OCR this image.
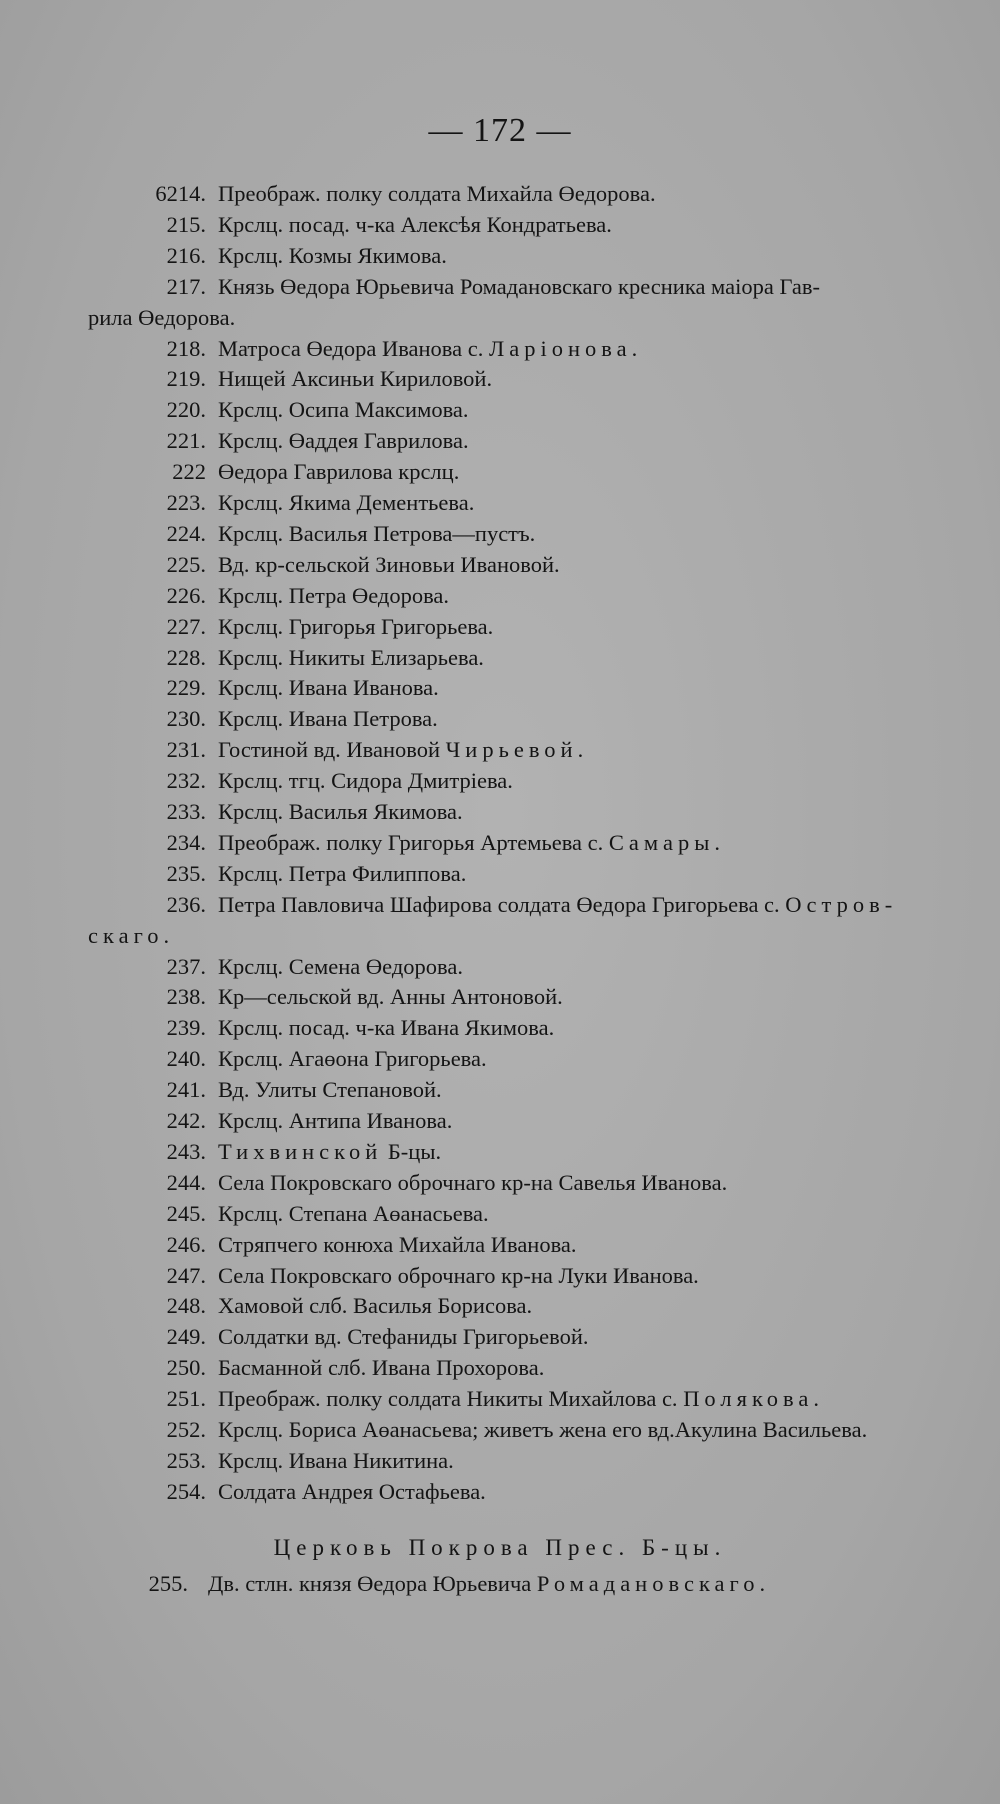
— 172 —
6214. Преображ. полку солдата Михайла Өедорова.
215. Крслц. посад. ч-ка Алексѣя Кондратьева.
216. Крслц. Козмы Якимова.
217. Князь Өедора Юрьевича Ромадановскаго кресника маіора Гав-
рила Өедорова.
218. Матроса Өедора Иванова с. Ларіонова.
219. Нищей Аксиньи Кириловой.
220. Крслц. Осипа Максимова.
221. Крслц. Өаддея Гаврилова.
222 Өедора Гаврилова крслц.
223. Крслц. Якима Дементьева.
224. Крслц. Василья Петрова—пустъ.
225. Вд. кр-сельской Зиновьи Ивановой.
226. Крслц. Петра Өедорова.
227. Крслц. Григорья Григорьева.
228. Крслц. Никиты Елизарьева.
229. Крслц. Ивана Иванова.
230. Крслц. Ивана Петрова.
231. Гостиной вд. Ивановой Чирьевой.
232. Крслц. тгц. Сидора Дмитріева.
233. Крслц. Василья Якимова.
234. Преображ. полку Григорья Артемьева с. Самары.
235. Крслц. Петра Филиппова.
236. Петра Павловича Шафирова солдата Өедора Григорьева с. Остров-
скаго.
237. Крслц. Семена Өедорова.
238. Кр—сельской вд. Анны Антоновой.
239. Крслц. посад. ч-ка Ивана Якимова.
240. Крслц. Агаөона Григорьева.
241. Вд. Улиты Степановой.
242. Крслц. Антипа Иванова.
243. Тихвинской Б-цы.
244. Села Покровскаго оброчнаго кр-на Савелья Иванова.
245. Крслц. Степана Аөанасьева.
246. Стряпчего конюха Михайла Иванова.
247. Села Покровскаго оброчнаго кр-на Луки Иванова.
248. Хамовой слб. Василья Борисова.
249. Солдатки вд. Стефаниды Григорьевой.
250. Басманной слб. Ивана Прохорова.
251. Преображ. полку солдата Никиты Михайлова с. Полякова.
252. Крслц. Бориса Аөанасьева; живетъ жена его вд.Акулина Васильева.
253. Крслц. Ивана Никитина.
254. Солдата Андрея Остафьева.
Церковь Покрова Прес. Б-цы.
255. Дв. стлн. князя Өедора Юрьевича Ромадановскаго.
